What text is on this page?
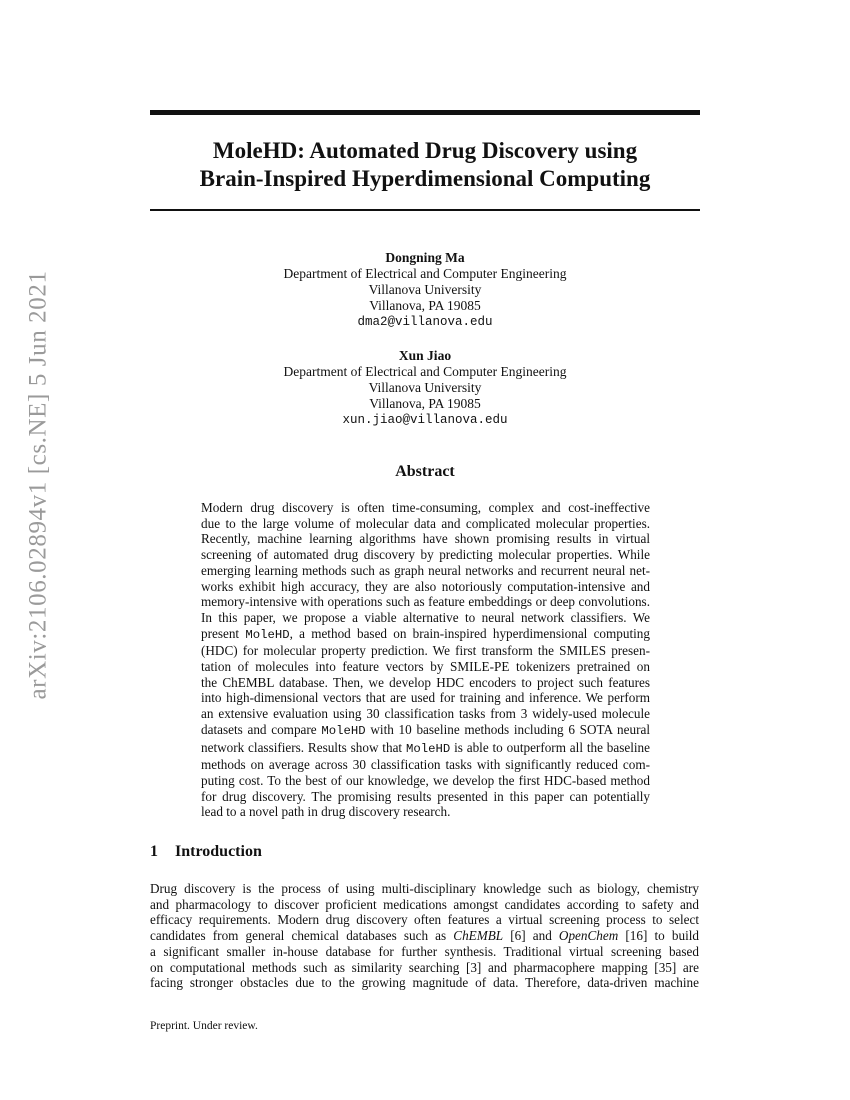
arXiv:2106.02894v1 [cs.NE] 5 Jun 2021
MoleHD: Automated Drug Discovery using
Brain-Inspired Hyperdimensional Computing
Dongning Ma
Department of Electrical and Computer Engineering
Villanova University
Villanova, PA 19085
dma2@villanova.edu
Xun Jiao
Department of Electrical and Computer Engineering
Villanova University
Villanova, PA 19085
xun.jiao@villanova.edu
Abstract
Modern drug discovery is often time-consuming, complex and cost-ineffective
due to the large volume of molecular data and complicated molecular properties.
Recently, machine learning algorithms have shown promising results in virtual
screening of automated drug discovery by predicting molecular properties. While
emerging learning methods such as graph neural networks and recurrent neural net-
works exhibit high accuracy, they are also notoriously computation-intensive and
memory-intensive with operations such as feature embeddings or deep convolutions.
In this paper, we propose a viable alternative to neural network classifiers. We
present MoleHD, a method based on brain-inspired hyperdimensional computing
(HDC) for molecular property prediction. We first transform the SMILES presen-
tation of molecules into feature vectors by SMILE-PE tokenizers pretrained on
the ChEMBL database. Then, we develop HDC encoders to project such features
into high-dimensional vectors that are used for training and inference. We perform
an extensive evaluation using 30 classification tasks from 3 widely-used molecule
datasets and compare MoleHD with 10 baseline methods including 6 SOTA neural
network classifiers. Results show that MoleHD is able to outperform all the baseline
methods on average across 30 classification tasks with significantly reduced com-
puting cost. To the best of our knowledge, we develop the first HDC-based method
for drug discovery. The promising results presented in this paper can potentially
lead to a novel path in drug discovery research.
1 Introduction
Drug discovery is the process of using multi-disciplinary knowledge such as biology, chemistry
and pharmacology to discover proficient medications amongst candidates according to safety and
efficacy requirements. Modern drug discovery often features a virtual screening process to select
candidates from general chemical databases such as ChEMBL [6] and OpenChem [16] to build
a significant smaller in-house database for further synthesis. Traditional virtual screening based
on computational methods such as similarity searching [3] and pharmacophere mapping [35] are
facing stronger obstacles due to the growing magnitude of data. Therefore, data-driven machine
Preprint. Under review.
